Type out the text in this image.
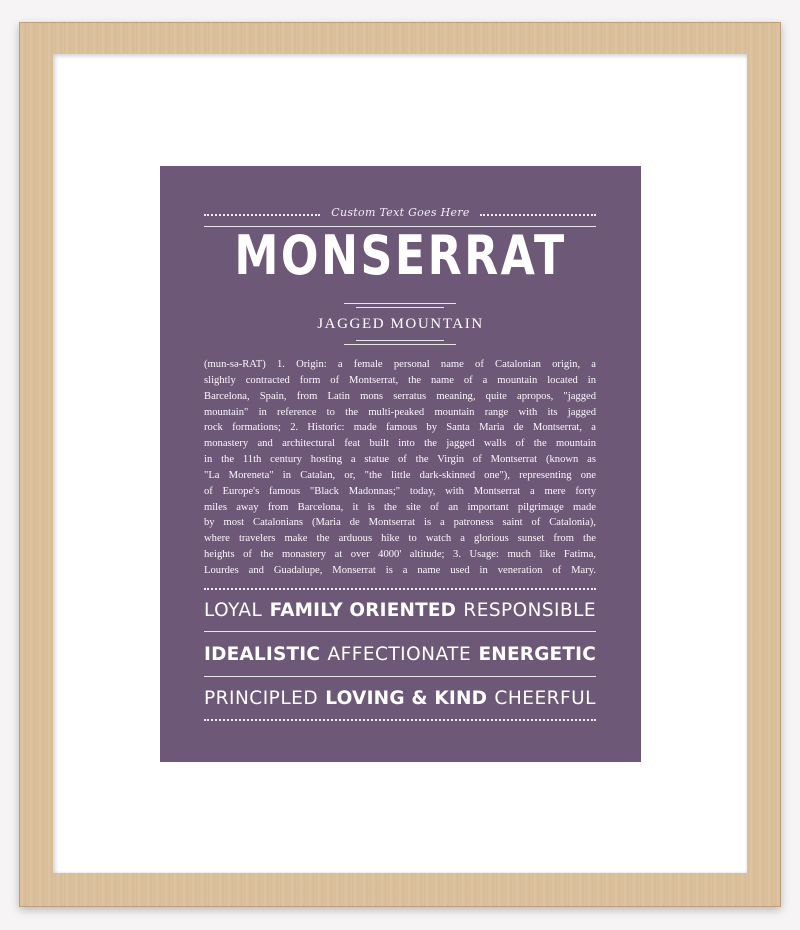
Custom Text Goes Here
MONSERRAT
JAGGED MOUNTAIN
(mun-sə-RAT) 1. Origin: a female personal name of Catalonian origin, a
slightly contracted form of Montserrat, the name of a mountain located in
Barcelona, Spain, from Latin mons serratus meaning, quite apropos, "jagged
mountain" in reference to the multi-peaked mountain range with its jagged
rock formations; 2. Historic: made famous by Santa Maria de Montserrat, a
monastery and architectural feat built into the jagged walls of the mountain
in the 11th century hosting a statue of the Virgin of Montserrat (known as
"La Moreneta" in Catalan, or, "the little dark-skinned one"), representing one
of Europe's famous "Black Madonnas;" today, with Montserrat a mere forty
miles away from Barcelona, it is the site of an important pilgrimage made
by most Catalonians (Maria de Montserrat is a patroness saint of Catalonia),
where travelers make the arduous hike to watch a glorious sunset from the
heights of the monastery at over 4000' altitude; 3. Usage: much like Fatima,
Lourdes and Guadalupe, Monserrat is a name used in veneration of Mary.
LOYAL FAMILY ORIENTED RESPONSIBLE
IDEALISTIC AFFECTIONATE ENERGETIC
PRINCIPLED LOVING & KIND CHEERFUL
